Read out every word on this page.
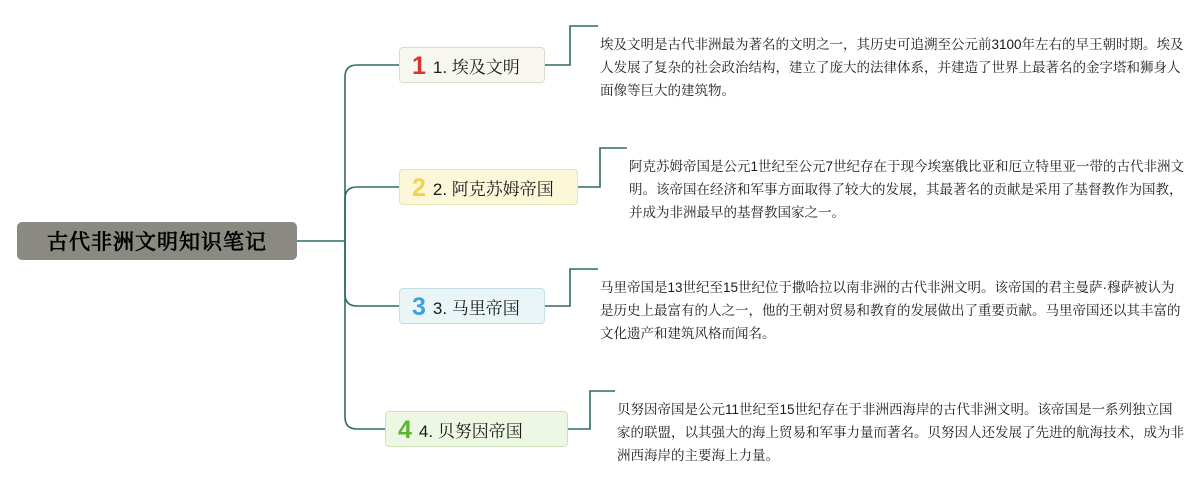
古代非洲文明知识笔记
1 1. 埃及文明
2 2. 阿克苏姆帝国
3 3. 马里帝国
4 4. 贝努因帝国
埃及文明是古代非洲最为著名的文明之一，其历史可追溯至公元前3100年左右的早王朝时期。埃及人发展了复杂的社会政治结构，建立了庞大的法律体系，并建造了世界上最著名的金字塔和狮身人面像等巨大的建筑物。
阿克苏姆帝国是公元1世纪至公元7世纪存在于现今埃塞俄比亚和厄立特里亚一带的古代非洲文明。该帝国在经济和军事方面取得了较大的发展，其最著名的贡献是采用了基督教作为国教，并成为非洲最早的基督教国家之一。
马里帝国是13世纪至15世纪位于撒哈拉以南非洲的古代非洲文明。该帝国的君主曼萨·穆萨被认为是历史上最富有的人之一，他的王朝对贸易和教育的发展做出了重要贡献。马里帝国还以其丰富的文化遗产和建筑风格而闻名。
贝努因帝国是公元11世纪至15世纪存在于非洲西海岸的古代非洲文明。该帝国是一系列独立国家的联盟，以其强大的海上贸易和军事力量而著名。贝努因人还发展了先进的航海技术，成为非洲西海岸的主要海上力量。
